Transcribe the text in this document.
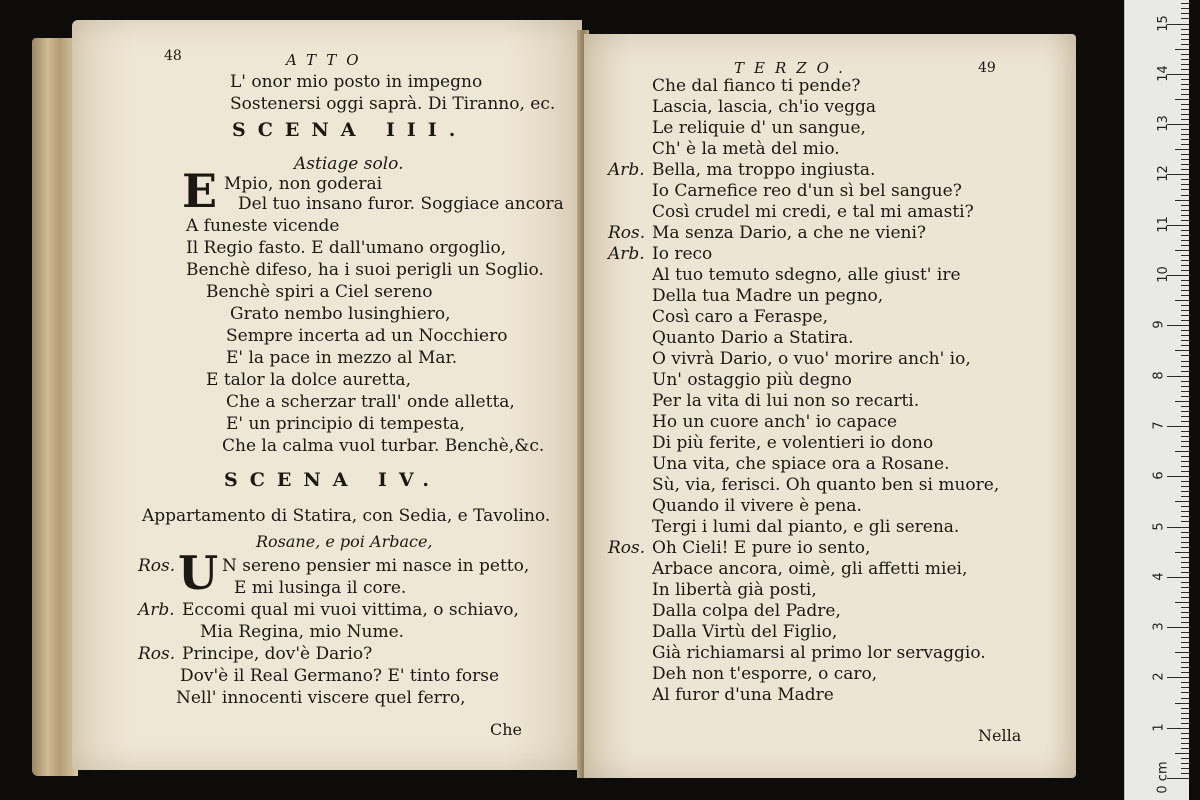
48	ATTO
L' onor mio posto in impegno
Sostenersi oggi saprà. Di Tiranno, ec.
SCENA III.
Astiage solo.
E Mpio, non goderai
Del tuo insano furor. Soggiace ancora
A funeste vicende
Il Regio fasto. E dall'umano orgoglio,
Benchè difeso, ha i suoi perigli un Soglio.
Benchè spiri a Ciel sereno
Grato nembo lusinghiero,
Sempre incerta ad un Nocchiero
E' la pace in mezzo al Mar.
E talor la dolce auretta,
Che a scherzar trall' onde alletta,
E' un principio di tempesta,
Che la calma vuol turbar. Benchè,&c.
SCENA IV.
Appartamento di Statira, con Sedia, e Tavolino.
Rosane, e poi Arbace,
Ros. U N sereno pensier mi nasce in petto,
E mi lusinga il core.
Arb. Eccomi qual mi vuoi vittima, o schiavo,
Mia Regina, mio Nume.
Ros. Principe, dov'è Dario?
Dov'è il Real Germano? E' tinto forse
Nell' innocenti viscere quel ferro,
Che
TERZO.	49
Che dal fianco ti pende?
Lascia, lascia, ch'io vegga
Le reliquie d' un sangue,
Ch' è la metà del mio.
Arb. Bella, ma troppo ingiusta.
Io Carnefice reo d'un sì bel sangue?
Così crudel mi credi, e tal mi amasti?
Ros. Ma senza Dario, a che ne vieni?
Arb. Io reco
Al tuo temuto sdegno, alle giust' ire
Della tua Madre un pegno,
Così caro a Feraspe,
Quanto Dario a Statira.
O vivrà Dario, o vuo' morire anch' io,
Un' ostaggio più degno
Per la vita di lui non so recarti.
Ho un cuore anch' io capace
Di più ferite, e volentieri io dono
Una vita, che spiace ora a Rosane.
Sù, via, ferisci. Oh quanto ben si muore,
Quando il vivere è pena.
Tergi i lumi dal pianto, e gli serena.
Ros. Oh Cieli! E pure io sento,
Arbace ancora, oimè, gli affetti miei,
In libertà già posti,
Dalla colpa del Padre,
Dalla Virtù del Figlio,
Già richiamarsi al primo lor servaggio.
Deh non t'esporre, o caro,
Al furor d'una Madre
Nella
0 cm
1
2
3
4
5
6
7
8
9
10
11
12
13
14
15
